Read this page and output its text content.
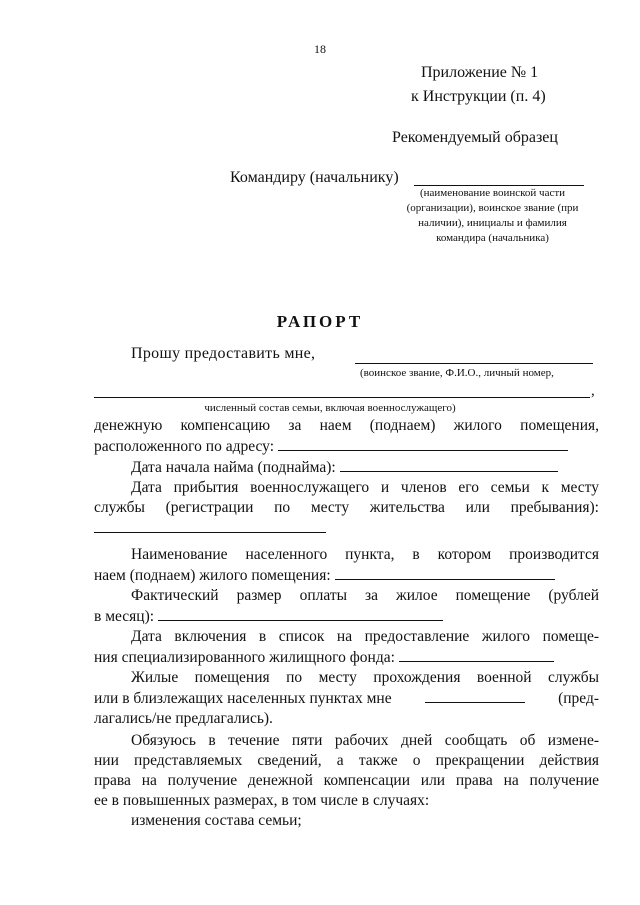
18
Приложение № 1
к Инструкции (п. 4)
Рекомендуемый образец
Командиру (начальнику)
(наименование воинской части
(организации), воинское звание (при
наличии), инициалы и фамилия
командира (начальника)
РАПОРТ
Прошу предоставить мне,
(воинское звание, Ф.И.О., личный номер,
,
численный состав семьи, включая военнослужащего)

денежную компенсацию за наем (поднаем) жилого помещения,

расположенного по адресу:

Дата начала найма (поднайма):

Дата прибытия военнослужащего и членов его семьи к месту

службы (регистрации по месту жительства или пребывания):

Наименование населенного пункта, в котором производится

наем (поднаем) жилого помещения:

Фактический размер оплаты за жилое помещение (рублей

в месяц):

Дата включения в список на предоставление жилого помеще-

ния специализированного жилищного фонда:

Жилые помещения по месту прохождения военной службы

или в близлежащих населенных пунктах мне	(пред-

лагались/не предлагались).

Обязуюсь в течение пяти рабочих дней сообщать об измене-

нии представляемых сведений, а также о прекращении действия

права на получение денежной компенсации или права на получение

ее в повышенных размерах, в том числе в случаях:

изменения состава семьи;
